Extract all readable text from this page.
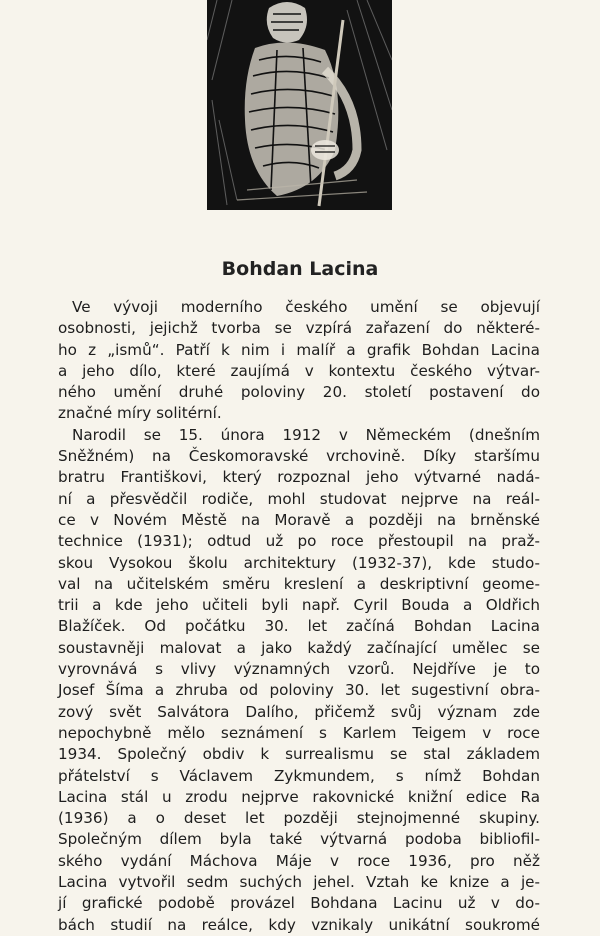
Bohdan Lacina
Ve vývoji moderního českého umění se objevují
osobnosti, jejichž tvorba se vzpírá zařazení do některé-
ho z „ismů“. Patří k nim i malíř a grafik Bohdan Lacina
a jeho dílo, které zaujímá v kontextu českého výtvar-
ného umění druhé poloviny 20. století postavení do
značné míry solitérní.
Narodil se 15. února 1912 v Německém (dnešním
Sněžném) na Českomoravské vrchovině. Díky staršímu
bratru Františkovi, který rozpoznal jeho výtvarné nadá-
ní a přesvědčil rodiče, mohl studovat nejprve na reál-
ce v Novém Městě na Moravě a později na brněnské
technice (1931); odtud už po roce přestoupil na praž-
skou Vysokou školu architektury (1932-37), kde studo-
val na učitelském směru kreslení a deskriptivní geome-
trii a kde jeho učiteli byli např. Cyril Bouda a Oldřich
Blažíček. Od počátku 30. let začíná Bohdan Lacina
soustavněji malovat a jako každý začínající umělec se
vyrovnává s vlivy významných vzorů. Nejdříve je to
Josef Šíma a zhruba od poloviny 30. let sugestivní obra-
zový svět Salvátora Dalího, přičemž svůj význam zde
nepochybně mělo seznámení s Karlem Teigem v roce
1934. Společný obdiv k surrealismu se stal základem
přátelství s Václavem Zykmundem, s nímž Bohdan
Lacina stál u zrodu nejprve rakovnické knižní edice Ra
(1936) a o deset let později stejnojmenné skupiny.
Společným dílem byla také výtvarná podoba bibliofil-
ského vydání Máchova Máje v roce 1936, pro něž
Lacina vytvořil sedm suchých jehel. Vztah ke knize a je-
jí grafické podobě provázel Bohdana Lacinu už v do-
bách studií na reálce, kdy vznikaly unikátní soukromé
